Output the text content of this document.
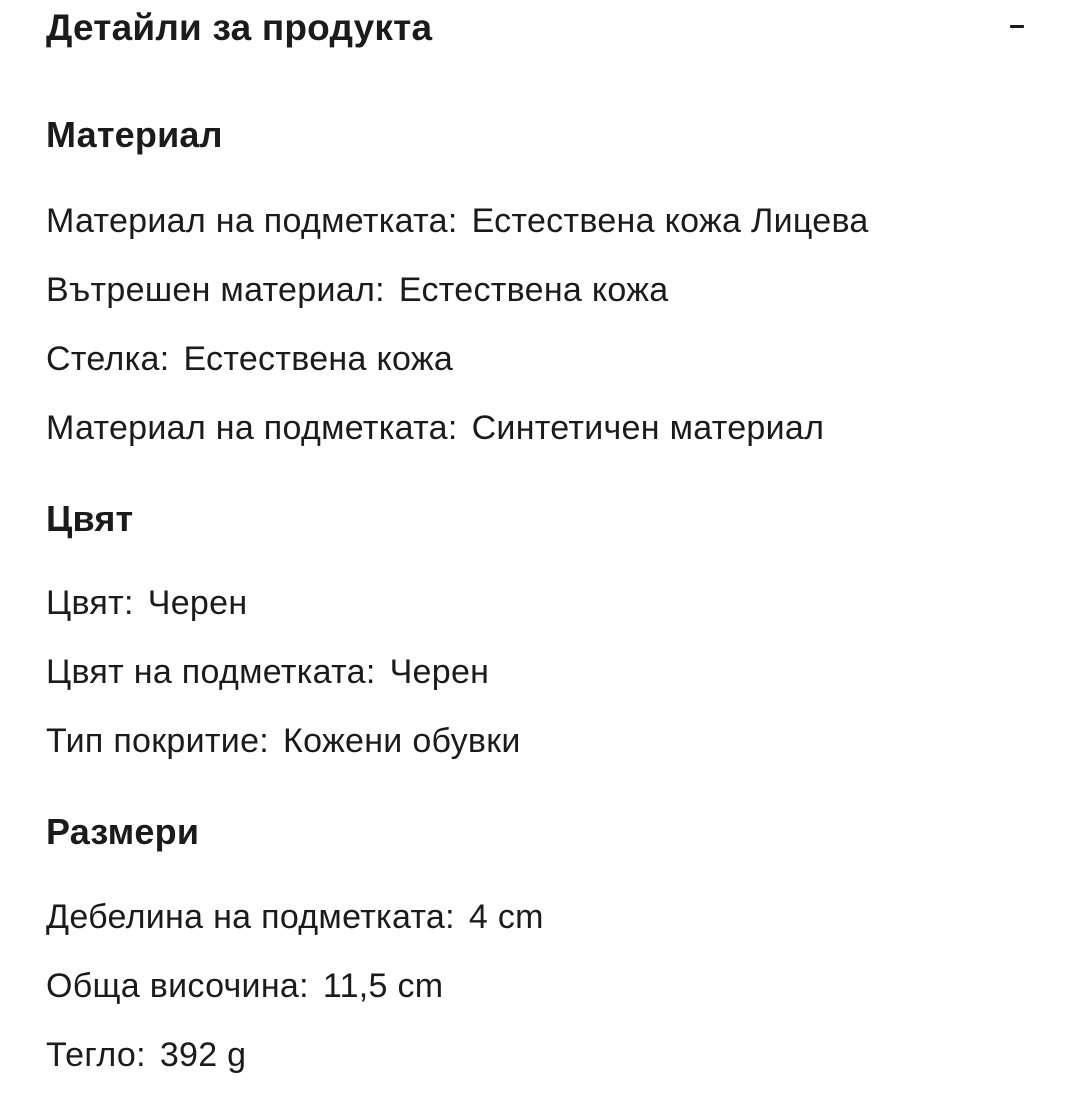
Детайли за продукта
Материал
Материал на подметката: Естествена кожа Лицева
Вътрешен материал: Естествена кожа
Стелка: Естествена кожа
Материал на подметката: Синтетичен материал
Цвят
Цвят: Черен
Цвят на подметката: Черен
Тип покритие: Кожени обувки
Размери
Дебелина на подметката: 4 cm
Обща височина: 11,5 cm
Тегло: 392 g
